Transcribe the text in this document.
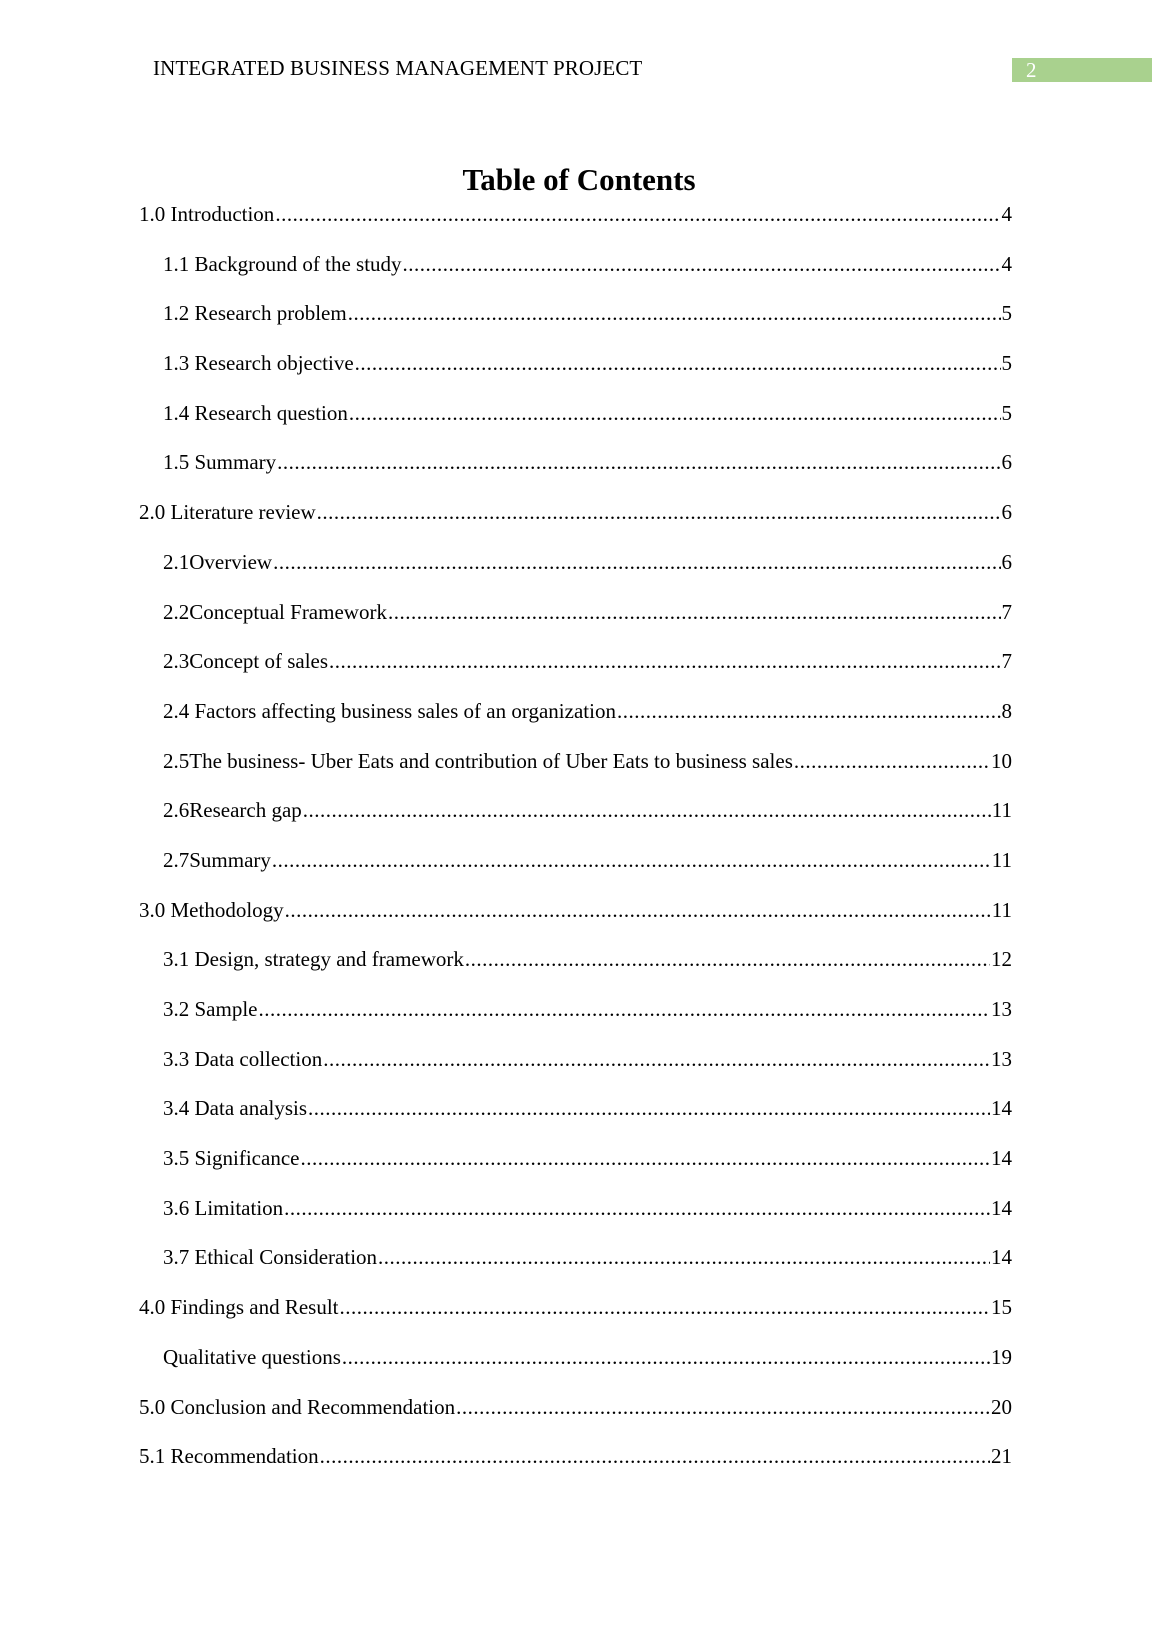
INTEGRATED BUSINESS MANAGEMENT PROJECT	2
Table of Contents
1.0 Introduction .....	4
1.1 Background of the study .....	4
1.2 Research problem .....	5
1.3 Research objective .....	5
1.4 Research question .....	5
1.5 Summary .....	6
2.0 Literature review .....	6
2.1Overview .....	6
2.2Conceptual Framework .....	7
2.3Concept of sales .....	7
2.4 Factors affecting business sales of an organization .....	8
2.5The business- Uber Eats and contribution of Uber Eats to business sales .....	10
2.6Research gap .....	11
2.7Summary .....	11
3.0 Methodology .....	11
3.1 Design, strategy and framework .....	12
3.2 Sample .....	13
3.3 Data collection .....	13
3.4 Data analysis .....	14
3.5 Significance .....	14
3.6 Limitation .....	14
3.7 Ethical Consideration .....	14
4.0 Findings and Result .....	15
Qualitative questions .....	19
5.0 Conclusion and Recommendation .....	20
5.1 Recommendation .....	21
